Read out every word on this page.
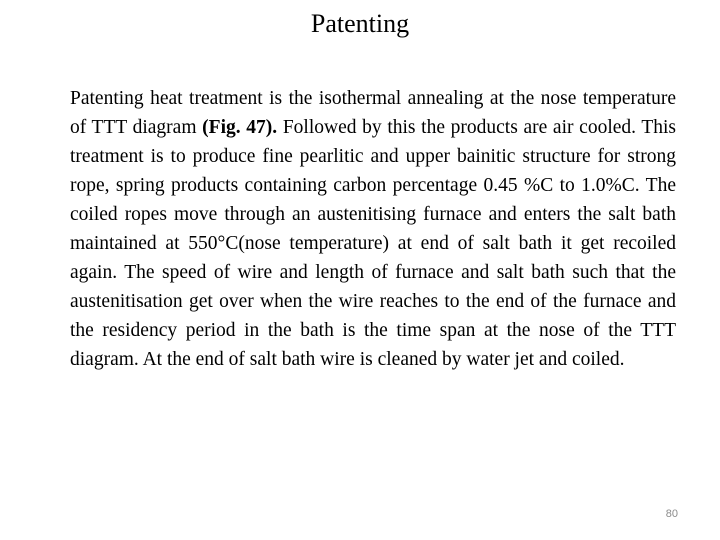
Patenting

Patenting heat treatment is the isothermal annealing at the nose temperature of TTT diagram (Fig. 47). Followed by this the products are air cooled. This treatment is to produce fine pearlitic and upper bainitic structure for strong rope, spring products containing carbon percentage 0.45 %C to 1.0%C. The coiled ropes move through an austenitising furnace and enters the salt bath maintained at 550°C(nose temperature) at end of salt bath it get recoiled again. The speed of wire and length of furnace and salt bath such that the austenitisation get over when the wire reaches to the end of the furnace and the residency period in the bath is the time span at the nose of the TTT diagram. At the end of salt bath wire is cleaned by water jet and coiled.

80
